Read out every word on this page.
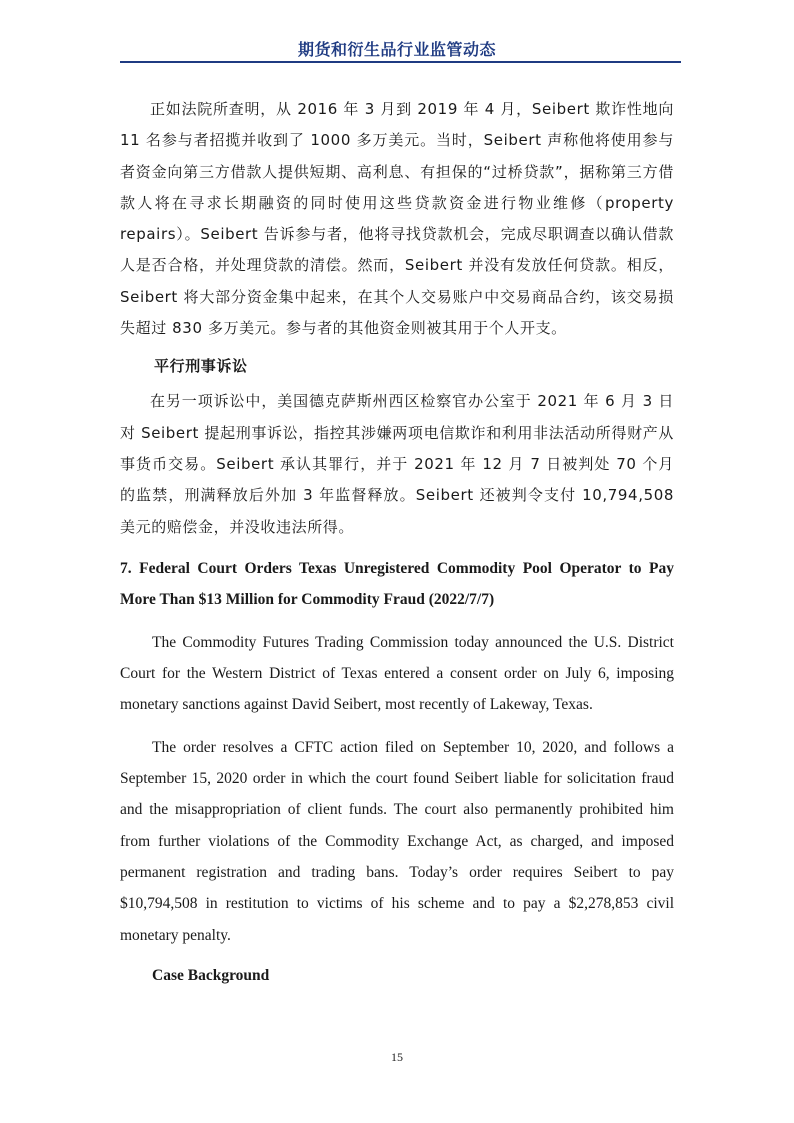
期货和衍生品行业监管动态

正如法院所查明，从 2016 年 3 月到 2019 年 4 月，Seibert 欺诈性地向 11 名参与者招揽并收到了 1000 多万美元。当时，Seibert 声称他将使用参与者资金向第三方借款人提供短期、高利息、有担保的“过桥贷款”，据称第三方借款人将在寻求长期融资的同时使用这些贷款资金进行物业维修（property repairs）。Seibert 告诉参与者，他将寻找贷款机会，完成尽职调查以确认借款人是否合格，并处理贷款的清偿。然而，Seibert 并没有发放任何贷款。相反，Seibert 将大部分资金集中起来，在其个人交易账户中交易商品合约，该交易损失超过 830 多万美元。参与者的其他资金则被其用于个人开支。

平行刑事诉讼

在另一项诉讼中，美国德克萨斯州西区检察官办公室于 2021 年 6 月 3 日对 Seibert 提起刑事诉讼，指控其涉嫌两项电信欺诈和利用非法活动所得财产从事货币交易。Seibert 承认其罪行，并于 2021 年 12 月 7 日被判处 70 个月的监禁，刑满释放后外加 3 年监督释放。Seibert 还被判令支付 10,794,508 美元的赔偿金，并没收违法所得。

7. Federal Court Orders Texas Unregistered Commodity Pool Operator to Pay More Than $13 Million for Commodity Fraud (2022/7/7)

The Commodity Futures Trading Commission today announced the U.S. District Court for the Western District of Texas entered a consent order on July 6, imposing monetary sanctions against David Seibert, most recently of Lakeway, Texas.

The order resolves a CFTC action filed on September 10, 2020, and follows a September 15, 2020 order in which the court found Seibert liable for solicitation fraud and the misappropriation of client funds. The court also permanently prohibited him from further violations of the Commodity Exchange Act, as charged, and imposed permanent registration and trading bans. Today’s order requires Seibert to pay $10,794,508 in restitution to victims of his scheme and to pay a $2,278,853 civil monetary penalty.

Case Background

15
